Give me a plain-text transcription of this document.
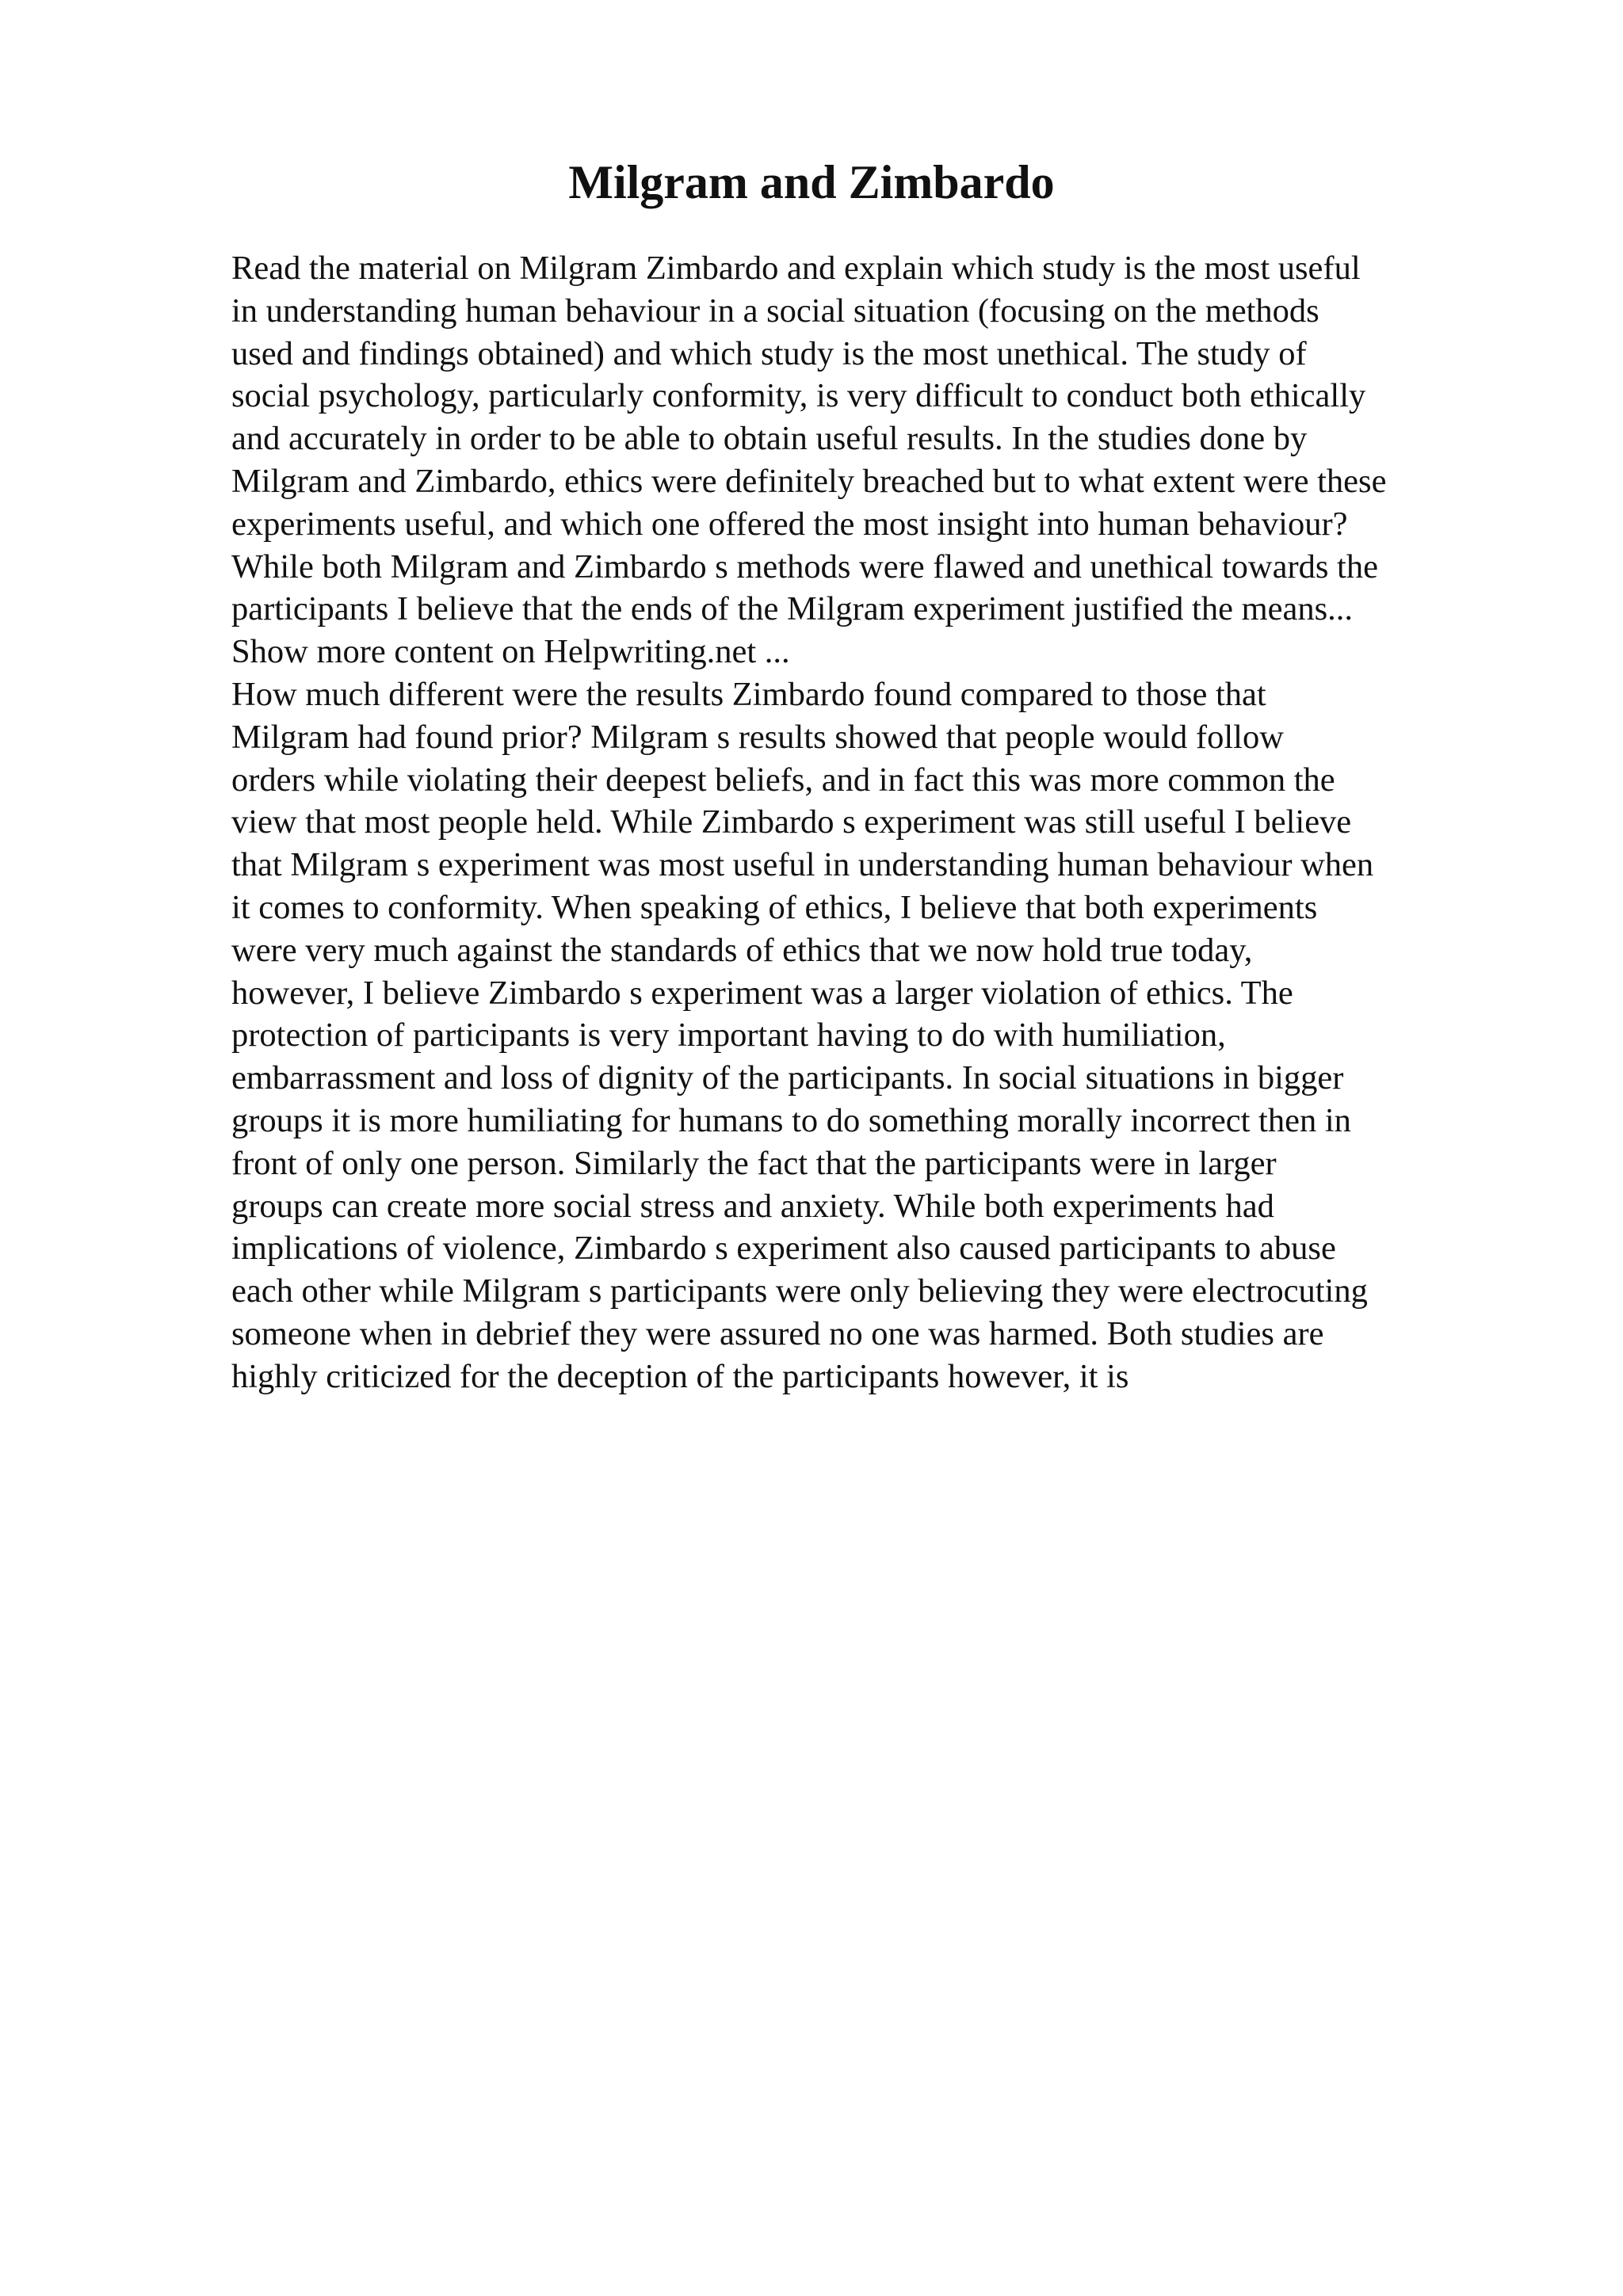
Milgram and Zimbardo
Read the material on Milgram Zimbardo and explain which study is the most useful
in understanding human behaviour in a social situation (focusing on the methods
used and findings obtained) and which study is the most unethical. The study of
social psychology, particularly conformity, is very difficult to conduct both ethically
and accurately in order to be able to obtain useful results. In the studies done by
Milgram and Zimbardo, ethics were definitely breached but to what extent were these
experiments useful, and which one offered the most insight into human behaviour?
While both Milgram and Zimbardo s methods were flawed and unethical towards the
participants I believe that the ends of the Milgram experiment justified the means...
Show more content on Helpwriting.net ...
How much different were the results Zimbardo found compared to those that
Milgram had found prior? Milgram s results showed that people would follow
orders while violating their deepest beliefs, and in fact this was more common the
view that most people held. While Zimbardo s experiment was still useful I believe
that Milgram s experiment was most useful in understanding human behaviour when
it comes to conformity. When speaking of ethics, I believe that both experiments
were very much against the standards of ethics that we now hold true today,
however, I believe Zimbardo s experiment was a larger violation of ethics. The
protection of participants is very important having to do with humiliation,
embarrassment and loss of dignity of the participants. In social situations in bigger
groups it is more humiliating for humans to do something morally incorrect then in
front of only one person. Similarly the fact that the participants were in larger
groups can create more social stress and anxiety. While both experiments had
implications of violence, Zimbardo s experiment also caused participants to abuse
each other while Milgram s participants were only believing they were electrocuting
someone when in debrief they were assured no one was harmed. Both studies are
highly criticized for the deception of the participants however, it is
